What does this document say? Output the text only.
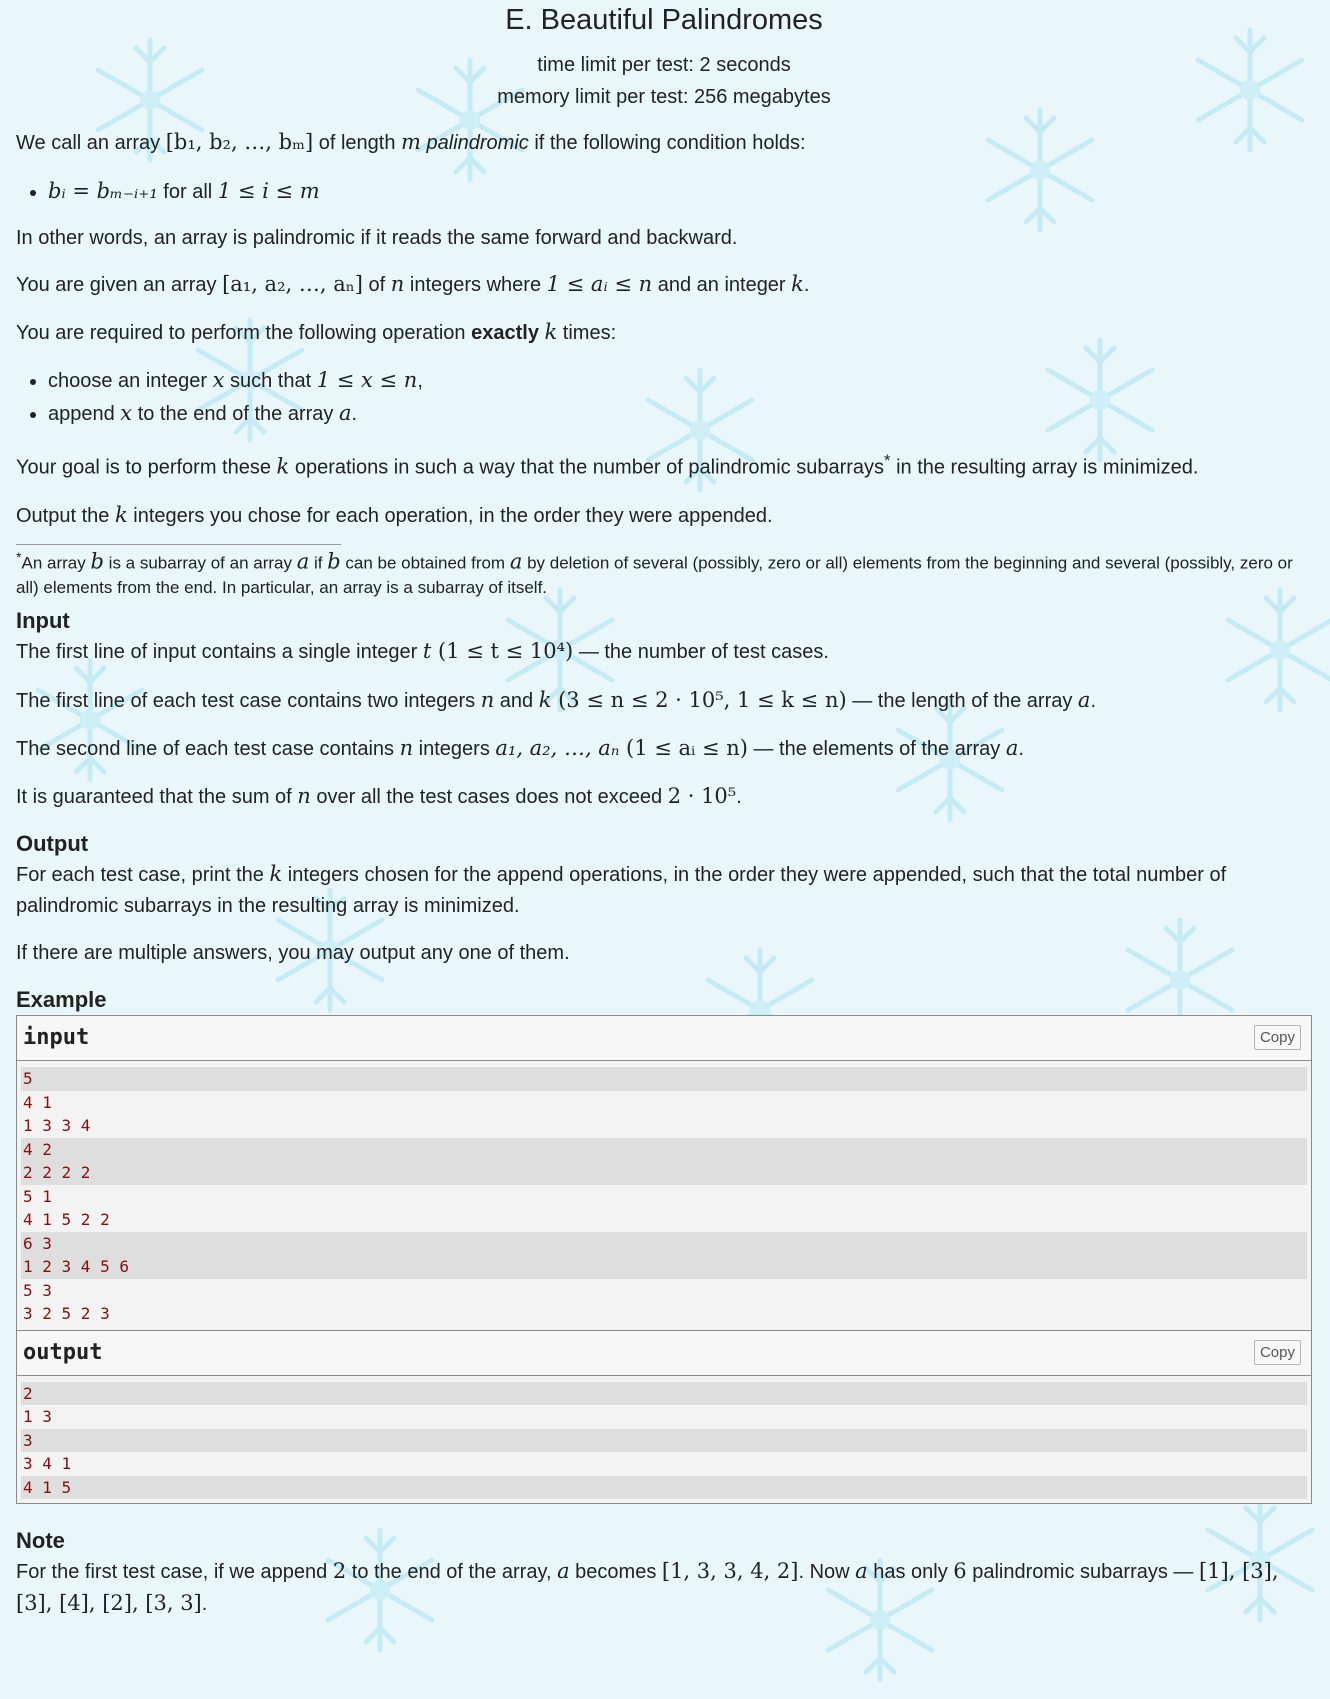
E. Beautiful Palindromes
time limit per test: 2 seconds
memory limit per test: 256 megabytes

We call an array [b₁, b₂, …, bₘ] of length m palindromic if the following condition holds:

• bᵢ = bₘ₋ᵢ₊₁ for all 1 ≤ i ≤ m

In other words, an array is palindromic if it reads the same forward and backward.

You are given an array [a₁, a₂, …, aₙ] of n integers where 1 ≤ aᵢ ≤ n and an integer k.

You are required to perform the following operation exactly k times:

• choose an integer x such that 1 ≤ x ≤ n,
• append x to the end of the array a.

Your goal is to perform these k operations in such a way that the number of palindromic subarrays* in the resulting array is minimized.

Output the k integers you chose for each operation, in the order they were appended.

*An array b is a subarray of an array a if b can be obtained from a by deletion of several (possibly, zero or all) elements from the beginning and several (possibly, zero or all) elements from the end. In particular, an array is a subarray of itself.
Input

The first line of input contains a single integer t (1 ≤ t ≤ 10⁴) — the number of test cases.

The first line of each test case contains two integers n and k (3 ≤ n ≤ 2 · 10⁵, 1 ≤ k ≤ n) — the length of the array a.

The second line of each test case contains n integers a₁, a₂, …, aₙ (1 ≤ aᵢ ≤ n) — the elements of the array a.

It is guaranteed that the sum of n over all the test cases does not exceed 2 · 10⁵.

Output

For each test case, print the k integers chosen for the append operations, in the order they were appended, such that the total number of palindromic subarrays in the resulting array is minimized.

If there are multiple answers, you may output any one of them.

Example
input	Copy
5
4 1
1 3 3 4
4 2
2 2 2 2
5 1
4 1 5 2 2
6 3
1 2 3 4 5 6
5 3
3 2 5 2 3
output	Copy
2
1 3
3
3 4 1
4 1 5
Note

For the first test case, if we append 2 to the end of the array, a becomes [1, 3, 3, 4, 2]. Now a has only 6 palindromic subarrays — [1], [3], [3], [4], [2], [3, 3].
